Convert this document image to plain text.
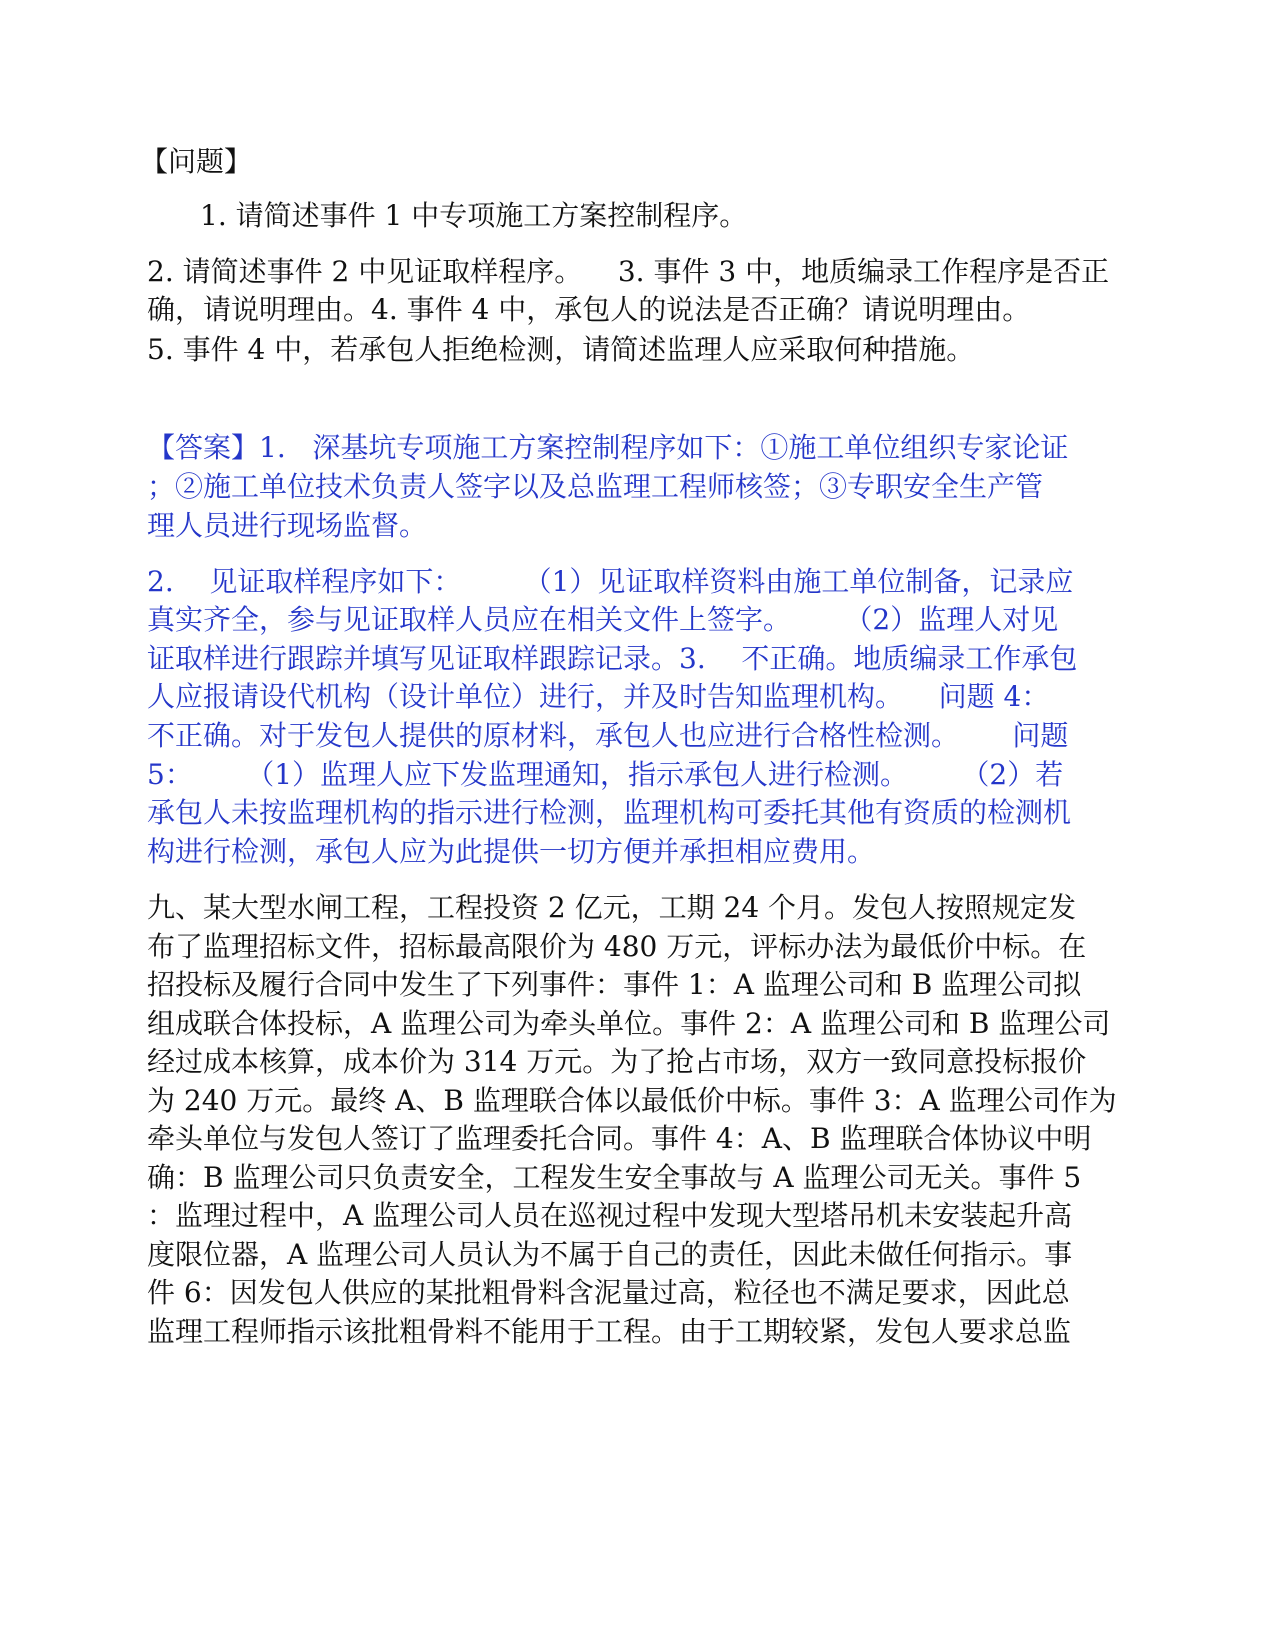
【问题】
1. 请简述事件 1 中专项施工方案控制程序。
2. 请简述事件 2 中见证取样程序。    3. 事件 3 中，地质编录工作程序是否正
确，请说明理由。4. 事件 4 中，承包人的说法是否正确？请说明理由。
5. 事件 4 中，若承包人拒绝检测，请简述监理人应采取何种措施。
【答案】1.   深基坑专项施工方案控制程序如下：①施工单位组织专家论证
；②施工单位技术负责人签字以及总监理工程师核签；③专职安全生产管
理人员进行现场监督。
2.    见证取样程序如下：       （1）见证取样资料由施工单位制备，记录应
真实齐全，参与见证取样人员应在相关文件上签字。      （2）监理人对见
证取样进行跟踪并填写见证取样跟踪记录。3.    不正确。地质编录工作承包
人应报请设代机构（设计单位）进行，并及时告知监理机构。    问题 4：
不正确。对于发包人提供的原材料，承包人也应进行合格性检测。      问题
5：      （1）监理人应下发监理通知，指示承包人进行检测。      （2）若
承包人未按监理机构的指示进行检测，监理机构可委托其他有资质的检测机
构进行检测，承包人应为此提供一切方便并承担相应费用。
九、某大型水闸工程，工程投资 2 亿元，工期 24 个月。发包人按照规定发
布了监理招标文件，招标最高限价为 480 万元，评标办法为最低价中标。在
招投标及履行合同中发生了下列事件：事件 1：A 监理公司和 B 监理公司拟
组成联合体投标，A 监理公司为牵头单位。事件 2：A 监理公司和 B 监理公司
经过成本核算，成本价为 314 万元。为了抢占市场，双方一致同意投标报价
为 240 万元。最终 A、B 监理联合体以最低价中标。事件 3：A 监理公司作为
牵头单位与发包人签订了监理委托合同。事件 4：A、B 监理联合体协议中明
确：B 监理公司只负责安全，工程发生安全事故与 A 监理公司无关。事件 5
：监理过程中，A 监理公司人员在巡视过程中发现大型塔吊机未安装起升高
度限位器，A 监理公司人员认为不属于自己的责任，因此未做任何指示。事
件 6：因发包人供应的某批粗骨料含泥量过高，粒径也不满足要求，因此总
监理工程师指示该批粗骨料不能用于工程。由于工期较紧，发包人要求总监
